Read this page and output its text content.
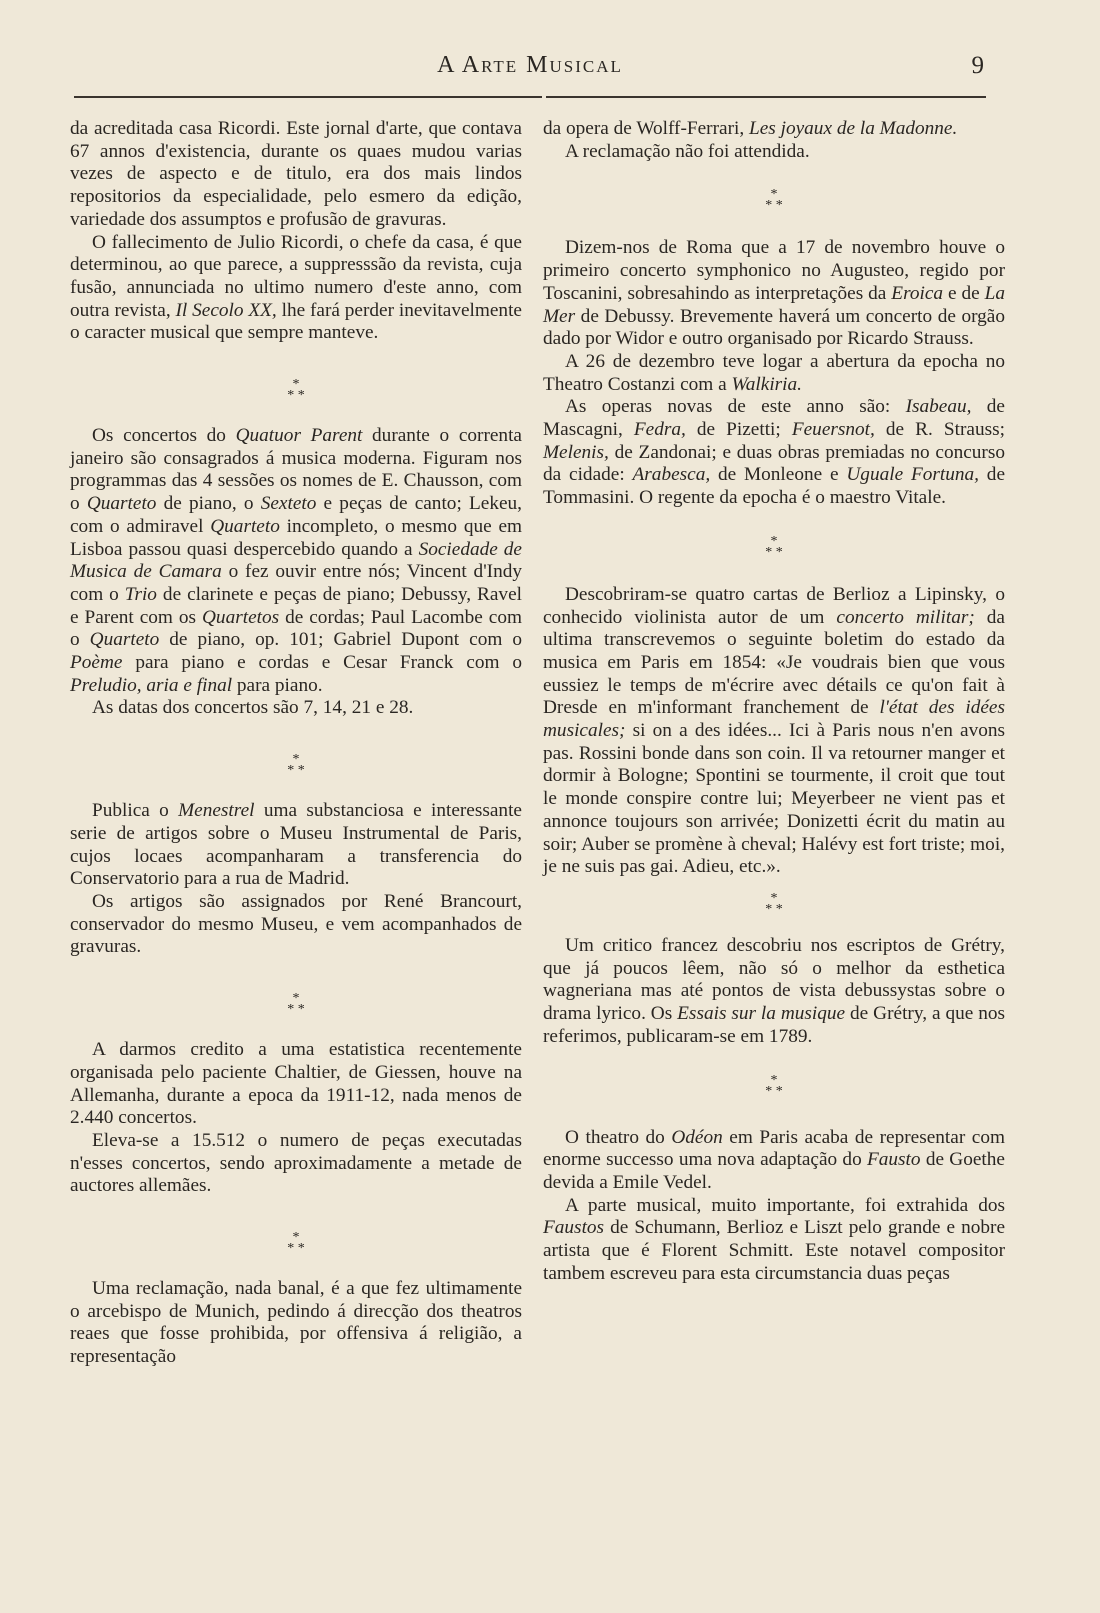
A Arte Musical	9

da acreditada casa Ricordi. Este jornal d'arte, que contava 67 annos d'existencia, durante os quaes mudou varias vezes de aspecto e de titulo, era dos mais lindos repositorios da especialidade, pelo esmero da edição, variedade dos assumptos e profusão de gravuras.

O fallecimento de Julio Ricordi, o chefe da casa, é que determinou, ao que parece, a suppresssão da revista, cuja fusão, annunciada no ultimo numero d'este anno, com outra revista, Il Secolo XX, lhe fará perder inevitavelmente o caracter musical que sempre manteve.

*
* *

Os concertos do Quatuor Parent durante o correnta janeiro são consagrados á musica moderna. Figuram nos programmas das 4 sessões os nomes de E. Chausson, com o Quarteto de piano, o Sexteto e peças de canto; Lekeu, com o admiravel Quarteto incompleto, o mesmo que em Lisboa passou quasi despercebido quando a Sociedade de Musica de Camara o fez ouvir entre nós; Vincent d'Indy com o Trio de clarinete e peças de piano; Debussy, Ravel e Parent com os Quartetos de cordas; Paul Lacombe com o Quarteto de piano, op. 101; Gabriel Dupont com o Poème para piano e cordas e Cesar Franck com o Preludio, aria e final para piano.

As datas dos concertos são 7, 14, 21 e 28.

*
* *

Publica o Menestrel uma substanciosa e interessante serie de artigos sobre o Museu Instrumental de Paris, cujos locaes acompanharam a transferencia do Conservatorio para a rua de Madrid.

Os artigos são assignados por René Brancourt, conservador do mesmo Museu, e vem acompanhados de gravuras.

*
* *

A darmos credito a uma estatistica recentemente organisada pelo paciente Chaltier, de Giessen, houve na Allemanha, durante a epoca da 1911-12, nada menos de 2.440 concertos.

Eleva-se a 15.512 o numero de peças executadas n'esses concertos, sendo aproximadamente a metade de auctores allemães.

*
* *

Uma reclamação, nada banal, é a que fez ultimamente o arcebispo de Munich, pedindo á direcção dos theatros reaes que fosse prohibida, por offensiva á religião, a representação

da opera de Wolff-Ferrari, Les joyaux de la Madonne.

A reclamação não foi attendida.

*
* *

Dizem-nos de Roma que a 17 de novembro houve o primeiro concerto symphonico no Augusteo, regido por Toscanini, sobresahindo as interpretações da Eroica e de La Mer de Debussy. Brevemente haverá um concerto de orgão dado por Widor e outro organisado por Ricardo Strauss.

A 26 de dezembro teve logar a abertura da epocha no Theatro Costanzi com a Walkiria.

As operas novas de este anno são: Isabeau, de Mascagni, Fedra, de Pizetti; Feuersnot, de R. Strauss; Melenis, de Zandonai; e duas obras premiadas no concurso da cidade: Arabesca, de Monleone e Uguale Fortuna, de Tommasini. O regente da epocha é o maestro Vitale.

*
* *

Descobriram-se quatro cartas de Berlioz a Lipinsky, o conhecido violinista autor de um concerto militar; da ultima transcrevemos o seguinte boletim do estado da musica em Paris em 1854: «Je voudrais bien que vous eussiez le temps de m'écrire avec détails ce qu'on fait à Dresde en m'informant franchement de l'état des idées musicales; si on a des idées... Ici à Paris nous n'en avons pas. Rossini bonde dans son coin. Il va retourner manger et dormir à Bologne; Spontini se tourmente, il croit que tout le monde conspire contre lui; Meyerbeer ne vient pas et annonce toujours son arrivée; Donizetti écrit du matin au soir; Auber se promène à cheval; Halévy est fort triste; moi, je ne suis pas gai. Adieu, etc.».

*
* *

Um critico francez descobriu nos escriptos de Grétry, que já poucos lêem, não só o melhor da esthetica wagneriana mas até pontos de vista debussystas sobre o drama lyrico. Os Essais sur la musique de Grétry, a que nos referimos, publicaram-se em 1789.

*
* *

O theatro do Odéon em Paris acaba de representar com enorme successo uma nova adaptação do Fausto de Goethe devida a Emile Vedel.

A parte musical, muito importante, foi extrahida dos Faustos de Schumann, Berlioz e Liszt pelo grande e nobre artista que é Florent Schmitt. Este notavel compositor tambem escreveu para esta circumstancia duas peças
